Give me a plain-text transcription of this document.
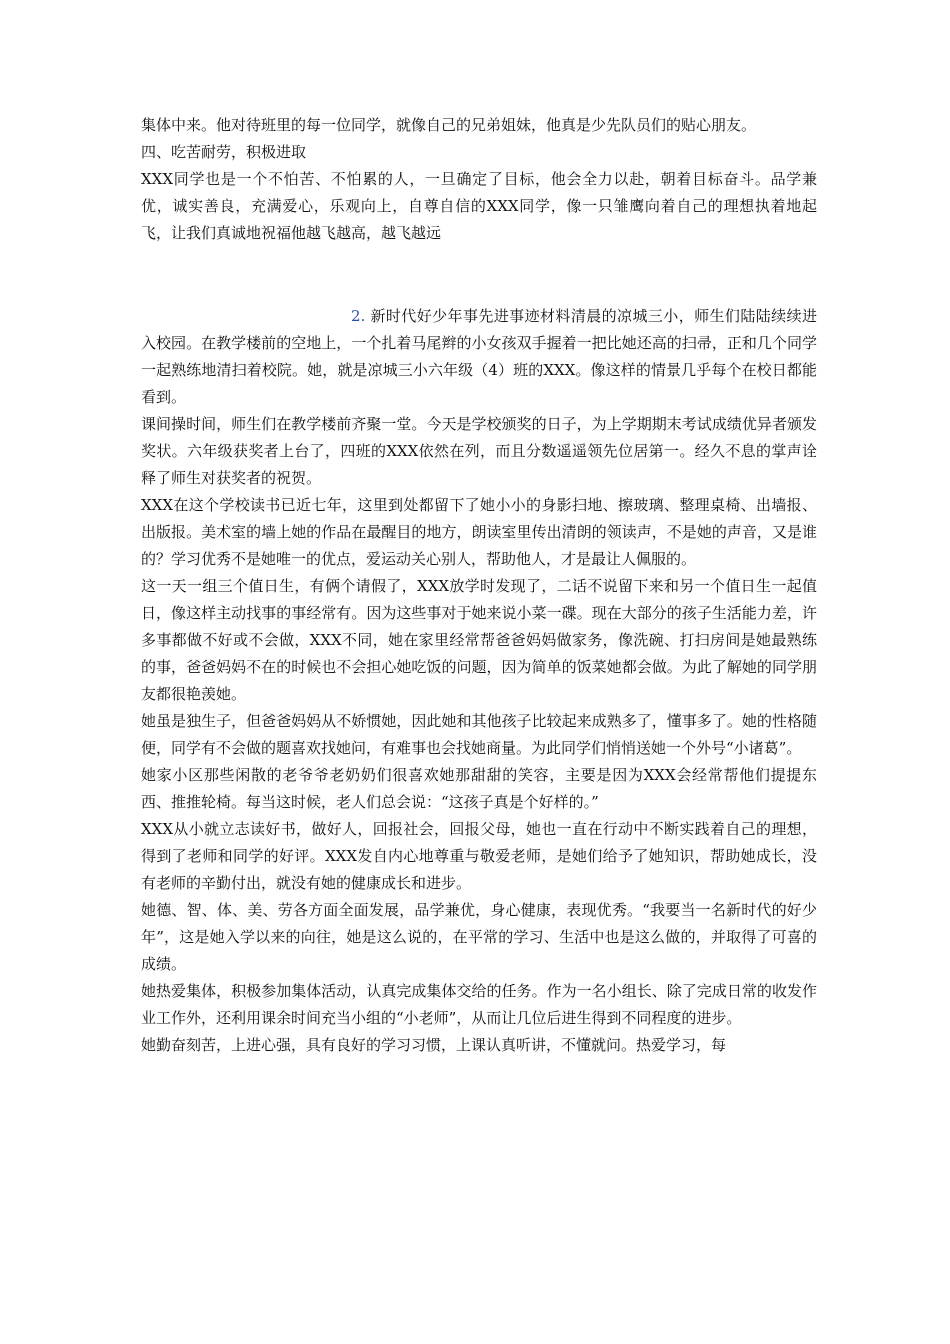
集体中来。他对待班里的每一位同学，就像自己的兄弟姐妹，他真是少先队员们的贴心朋友。

四、吃苦耐劳，积极进取

XXX同学也是一个不怕苦、不怕累的人，一旦确定了目标，他会全力以赴，朝着目标奋斗。品学兼优，诚实善良，充满爱心，乐观向上，自尊自信的XXX同学，像一只雏鹰向着自己的理想执着地起飞，让我们真诚地祝福他越飞越高，越飞越远

2. 新时代好少年事先进事迹材料清晨的凉城三小，师生们陆陆续续进入校园。在教学楼前的空地上，一个扎着马尾辫的小女孩双手握着一把比她还高的扫帚，正和几个同学一起熟练地清扫着校院。她，就是凉城三小六年级（4）班的XXX。像这样的情景几乎每个在校日都能看到。

课间操时间，师生们在教学楼前齐聚一堂。今天是学校颁奖的日子，为上学期期末考试成绩优异者颁发奖状。六年级获奖者上台了，四班的XXX依然在列，而且分数遥遥领先位居第一。经久不息的掌声诠释了师生对获奖者的祝贺。

XXX在这个学校读书已近七年，这里到处都留下了她小小的身影扫地、擦玻璃、整理桌椅、出墙报、出版报。美术室的墙上她的作品在最醒目的地方，朗读室里传出清朗的领读声，不是她的声音，又是谁的？学习优秀不是她唯一的优点，爱运动关心别人，帮助他人，才是最让人佩服的。

这一天一组三个值日生，有俩个请假了，XXX放学时发现了，二话不说留下来和另一个值日生一起值日，像这样主动找事的事经常有。因为这些事对于她来说小菜一碟。现在大部分的孩子生活能力差，许多事都做不好或不会做，XXX不同，她在家里经常帮爸爸妈妈做家务，像洗碗、打扫房间是她最熟练的事，爸爸妈妈不在的时候也不会担心她吃饭的问题，因为简单的饭菜她都会做。为此了解她的同学朋友都很艳羡她。

她虽是独生子，但爸爸妈妈从不娇惯她，因此她和其他孩子比较起来成熟多了，懂事多了。她的性格随便，同学有不会做的题喜欢找她问，有难事也会找她商量。为此同学们悄悄送她一个外号“小诸葛”。

她家小区那些闲散的老爷爷老奶奶们很喜欢她那甜甜的笑容，主要是因为XXX会经常帮他们提提东西、推推轮椅。每当这时候，老人们总会说：“这孩子真是个好样的。”

XXX从小就立志读好书，做好人，回报社会，回报父母，她也一直在行动中不断实践着自己的理想，得到了老师和同学的好评。XXX发自内心地尊重与敬爱老师，是她们给予了她知识，帮助她成长，没有老师的辛勤付出，就没有她的健康成长和进步。

她德、智、体、美、劳各方面全面发展，品学兼优，身心健康，表现优秀。“我要当一名新时代的好少年”，这是她入学以来的向往，她是这么说的，在平常的学习、生活中也是这么做的，并取得了可喜的成绩。

她热爱集体，积极参加集体活动，认真完成集体交给的任务。作为一名小组长、除了完成日常的收发作业工作外，还利用课余时间充当小组的“小老师”，从而让几位后进生得到不同程度的进步。

她勤奋刻苦，上进心强，具有良好的学习习惯，上课认真听讲，不懂就问。热爱学习，每
